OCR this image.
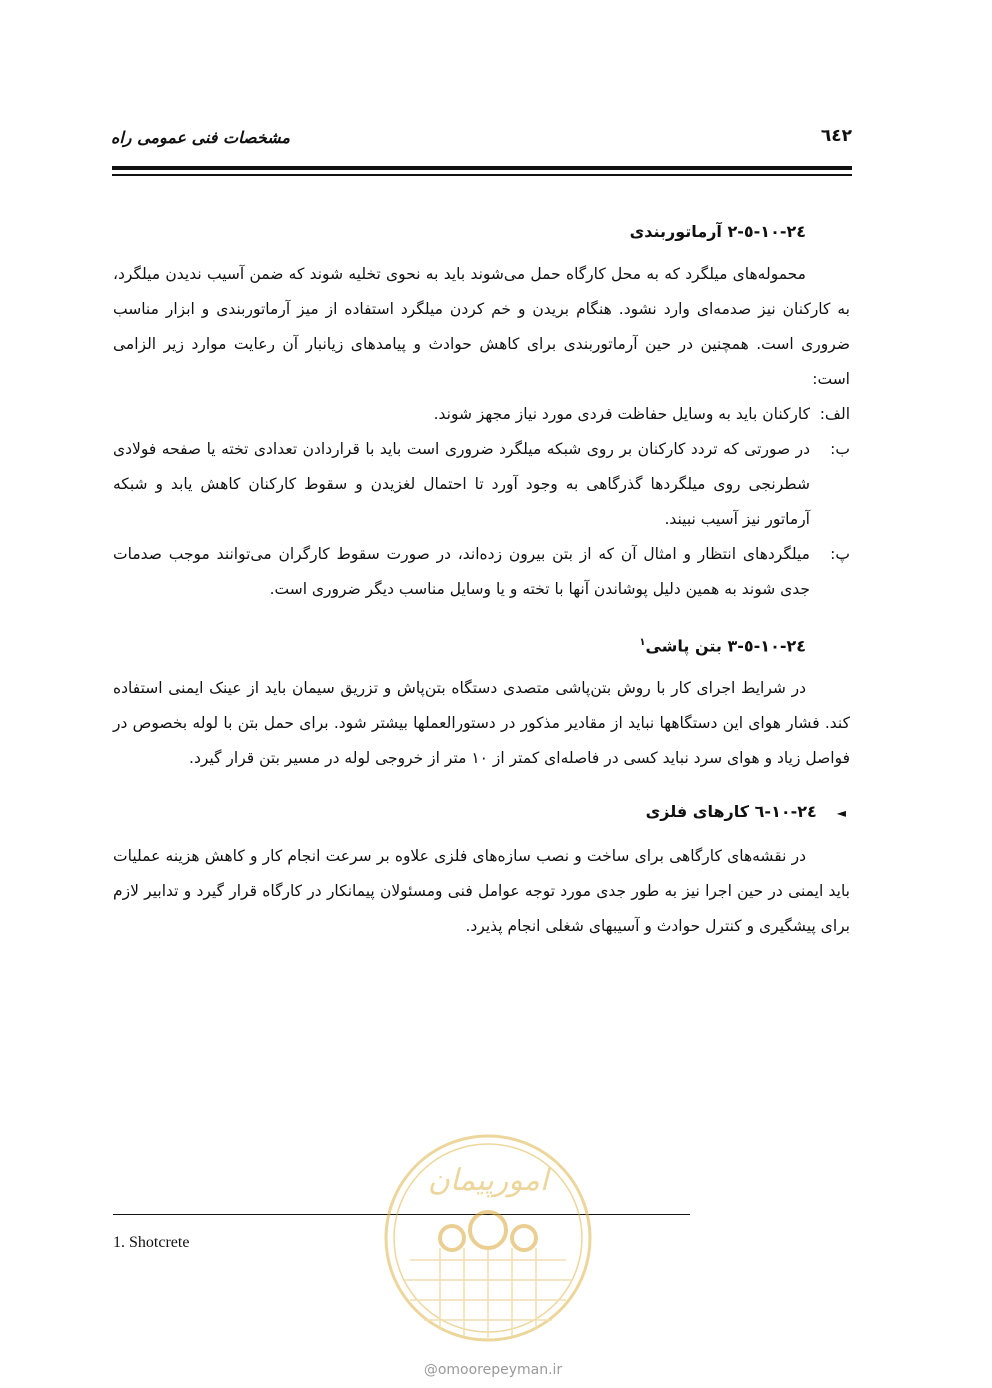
مشخصات فنی عمومی راه	٦٤٢
٢٤-١٠-٥-٢ آرماتوربندی

محموله‌های میلگرد که به محل کارگاه حمل می‌شوند باید به نحوی تخلیه شوند که ضمن آسیب ندیدن میلگرد، به کارکنان نیز صدمه‌ای وارد نشود. هنگام بریدن و خم کردن میلگرد استفاده از میز آرماتوربندی و ابزار مناسب ضروری است. همچنین در حین آرماتوربندی برای کاهش حوادث و پیامدهای زیانبار آن رعایت موارد زیر الزامی است:

الف:
کارکنان باید به وسایل حفاظت فردی مورد نیاز مجهز شوند.
ب:
در صورتی که تردد کارکنان بر روی شبکه میلگرد ضروری است باید با قراردادن تعدادی تخته یا صفحه فولادی شطرنجی روی میلگردها گذرگاهی به وجود آورد تا احتمال لغزیدن و سقوط کارکنان کاهش یابد و شبکه آرماتور نیز آسیب نبیند.
پ:
میلگردهای انتظار و امثال آن که از بتن بیرون زده‌اند، در صورت سقوط کارگران می‌توانند موجب صدمات جدی شوند به همین دلیل پوشاندن آنها با تخته و یا وسایل مناسب دیگر ضروری است.
٢٤-١٠-٥-٣ بتن پاشی$^١$

در شرایط اجرای کار با روش بتن‌پاشی متصدی دستگاه بتن‌پاش و تزریق سیمان باید از عینک ایمنی استفاده کند. فشار هوای این دستگاهها نباید از مقادیر مذکور در دستورالعملها بیشتر شود. برای حمل بتن با لوله بخصوص در فواصل زیاد و هوای سرد نباید کسی در فاصله‌ای کمتر از ١٠ متر از خروجی لوله در مسیر بتن قرار گیرد.

◄٢٤-١٠-٦ کارهای فلزی

در نقشه‌های کارگاهی برای ساخت و نصب سازه‌های فلزی علاوه بر سرعت انجام کار و کاهش هزینه عملیات باید ایمنی در حین اجرا نیز به طور جدی مورد توجه عوامل فنی ومسئولان پیمانکار در کارگاه قرار گیرد و تدابیر لازم برای پیشگیری و کنترل حوادث و آسیبهای شغلی انجام پذیرد.

1. Shotcrete
امورپیمان
@omoorepeyman.ir
